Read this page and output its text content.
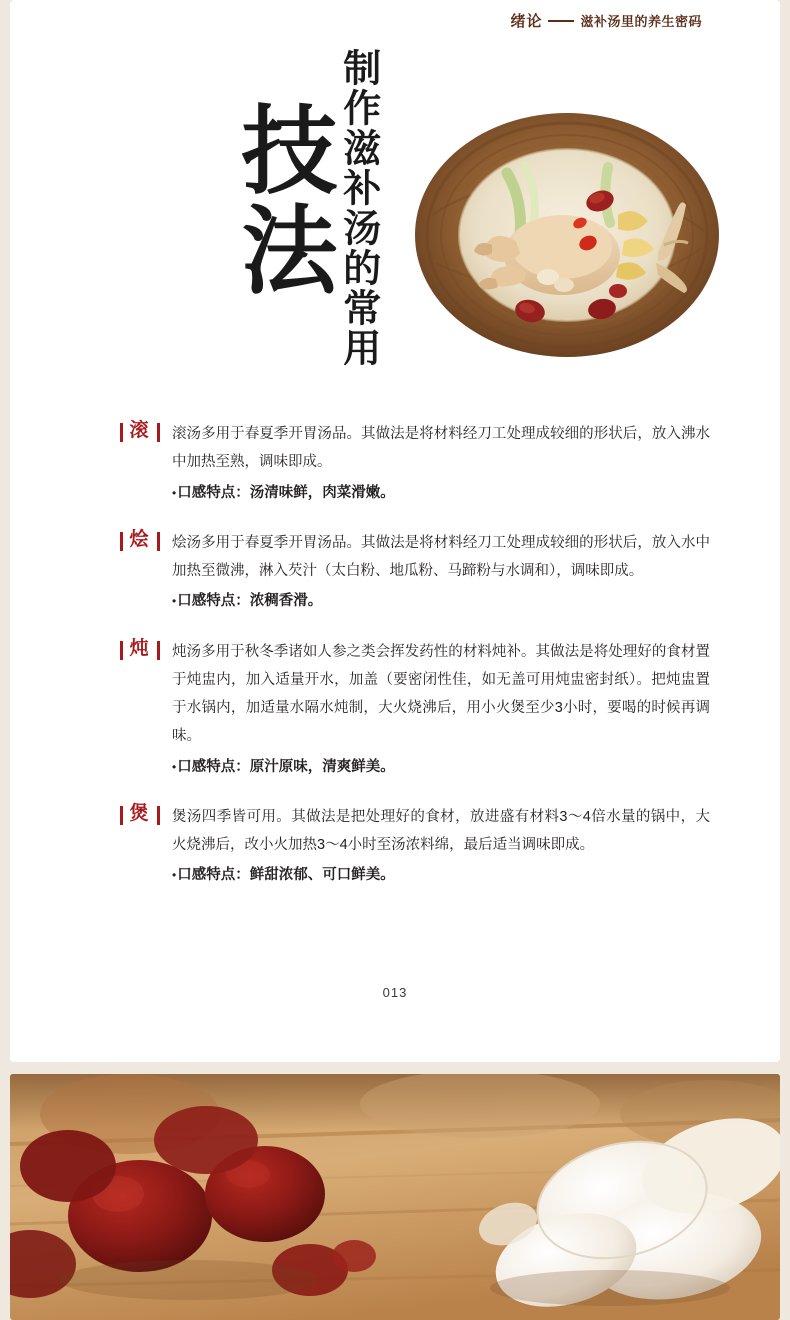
绪论	滋补汤里的养生密码
制作滋补汤的常用
技法
滚 滚汤多用于春夏季开胃汤品。其做法是将材料经刀工处理成较细的形状后，放入沸水中加热至熟，调味即成。
•口感特点：汤清味鲜，肉菜滑嫩。
烩 烩汤多用于春夏季开胃汤品。其做法是将材料经刀工处理成较细的形状后，放入水中加热至微沸，淋入芡汁（太白粉、地瓜粉、马蹄粉与水调和），调味即成。
•口感特点：浓稠香滑。
炖 炖汤多用于秋冬季诸如人参之类会挥发药性的材料炖补。其做法是将处理好的食材置于炖盅内，加入适量开水，加盖（要密闭性佳，如无盖可用炖盅密封纸）。把炖盅置于水锅内，加适量水隔水炖制，大火烧沸后，用小火煲至少3小时，要喝的时候再调味。
•口感特点：原汁原味，清爽鲜美。
煲 煲汤四季皆可用。其做法是把处理好的食材，放进盛有材料3～4倍水量的锅中，大火烧沸后，改小火加热3～4小时至汤浓料绵，最后适当调味即成。
•口感特点：鲜甜浓郁、可口鲜美。
013
